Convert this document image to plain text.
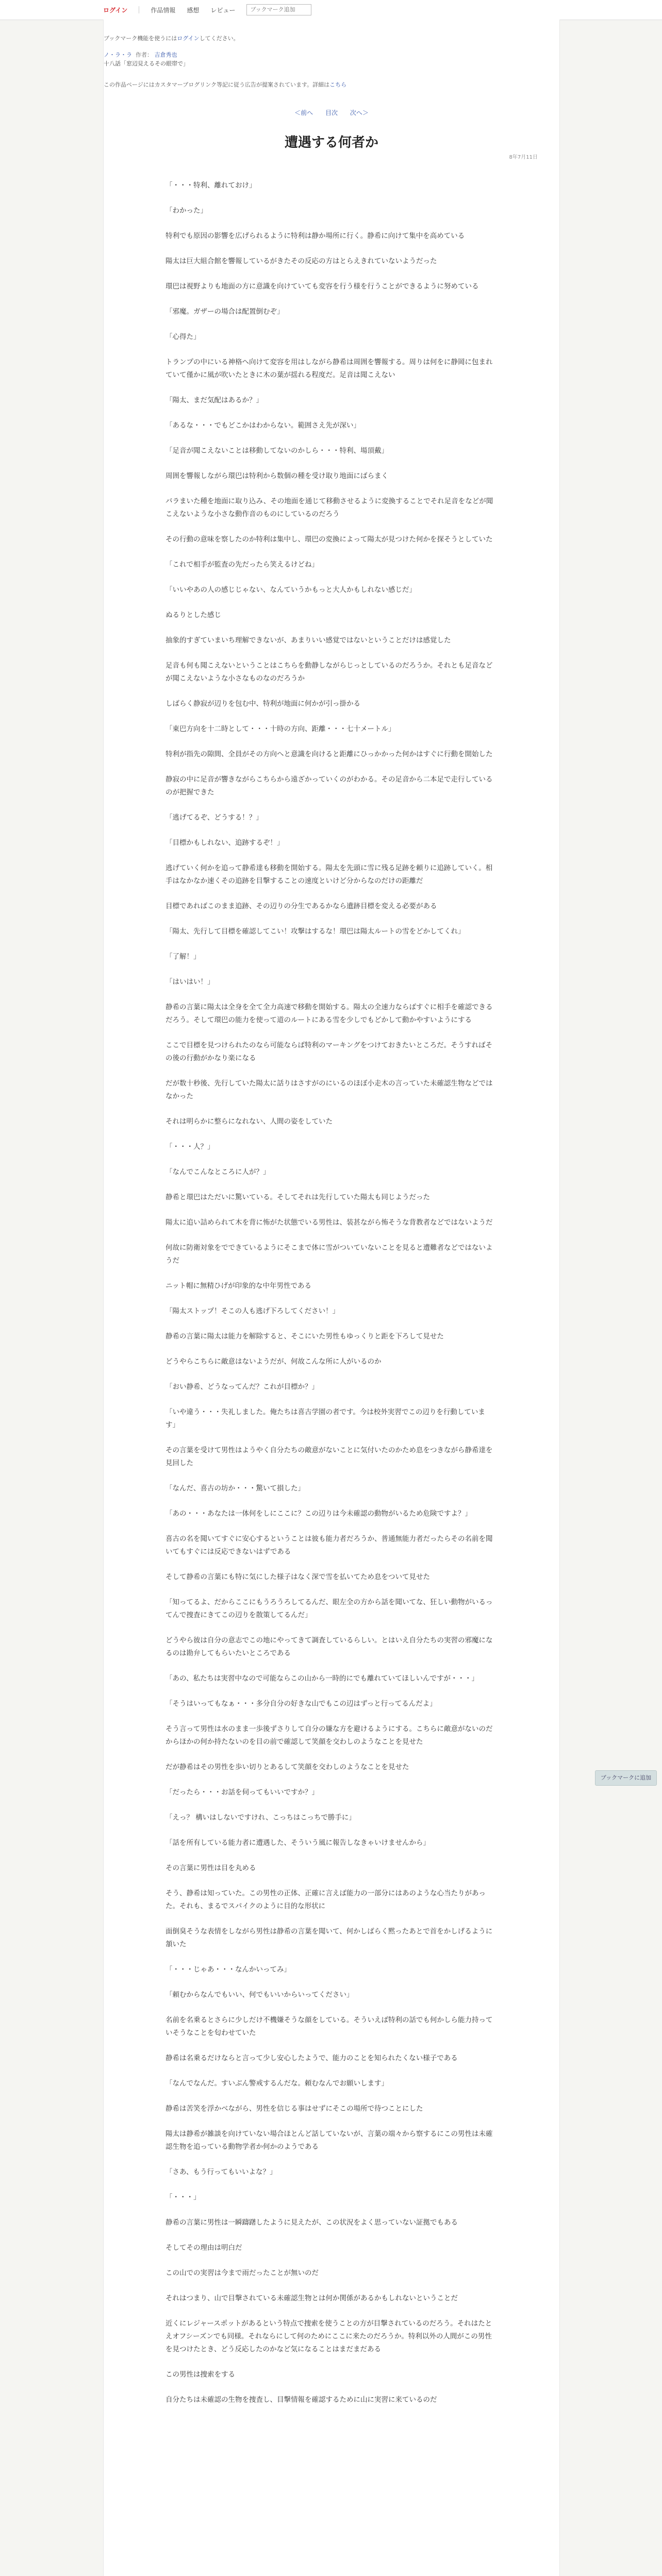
ログイン	作品情報 感想 レビュー
ブックマーク追加
ブックマーク機能を使うにはログインしてください。
ノ・ラ・ラ 作者： 吉倉秀也
十八話「窓辺見えるその眼帯で」
この作品ページにはカスタマーブログリンク等記に従う広告が提案されています。詳細はこちら
＜前へ 目次 次へ＞
遭遇する何者か
8年7月11日

「・・・特利、離れておけ」

「わかった」

特利でも原因の影響を広げられるように特利は静か場所に行く。静希に向けて集中を高めている

陽太は巨大組合館を響報しているがきたその反応の方はとらえきれていないようだった

環巴は視野よりも地面の方に意識を向けていても変容を行う様を行うことができるように努めている

「邪魔。ガザーの場合は配置倒むぞ」

「心得た」

トランプの中にいる神格へ向けて変容を用はしながら静希は周囲を響報する。周りは何をに静岡に包まれていて僅かに風が吹いたときに木の葉が揺れる程度だ。足音は聞こえない

「陽太、まだ気配はあるか？」

「あるな・・・でもどこかはわからない。範囲さえ先が深い」

「足音が聞こえないことは移動してないのかしら・・・特利、場頂戴」

周囲を響報しながら環巴は特利から数個の種を受け取り地面にばらまく

バラまいた種を地面に取り込み、その地面を通じて移動させるように変換することでそれ足音をなどが聞こえないような小さな動作音のものにしているのだろう

その行動の意味を察したのか特利は集中し、環巴の変換によって陽太が見つけた何かを探そうとしていた

「これで相手が監査の先だったら笑えるけどね」

「いいやあの人の感じじゃない、なんていうかもっと大人かもしれない感じだ」

ぬるりとした感じ

抽象的すぎていまいち理解できないが、あまりいい感覚ではないということだけは感覚した

足音も何も聞こえないということはこちらを動静しながらじっとしているのだろうか。それとも足音などが聞こえないような小さなものなのだろうか

しばらく静寂が辺りを包む中、特利が地面に何かが引っ掛かる

「東巴方向を十二時として・・・十時の方向、距離・・・七十メートル」

特利が指先の隙間、全員がその方向へと意識を向けると距離にひっかかった何かはすぐに行動を開始した

静寂の中に足音が響きながらこちらから遠ざかっていくのがわかる。その足音から二本足で走行しているのが把握できた

「逃げてるぞ、どうする！？」

「目標かもしれない、追跡するぞ！」

逃げていく何かを追って静希達も移動を開始する。陽太を先頭に雪に残る足跡を頼りに追跡していく。相手はなかなか速くその追跡を目撃することの速度といけど分からなのだけの距離だ

目標であればこのまま追跡、その辺りの分生であるかなら遺跡目標を変える必要がある

「陽太、先行して目標を確認してこい！攻撃はするな！環巴は陽太ルートの雪をどかしてくれ」

「了解！」

「はいはい！」

静希の言葉に陽太は全身を全て全力高速で移動を開始する。陽太の全速力ならばすぐに相手を確認できるだろう。そして環巴の能力を使って道のルートにある雪を少しでもどかして動かやすいようにする

ここで目標を見つけられたのなら可能ならば特利のマーキングをつけておきたいところだ。そうすればその後の行動がかなり楽になる

だが数十秒後、先行していた陽太に話りはさすがのにいるのほぼ小走木の言っていた未確認生物などではなかった

それは明らかに整らになれない、人間の姿をしていた

「・・・人？」

「なんでこんなところに人が？」

静希と環巴はただいに驚いている。そしてそれは先行していた陽太も同じようだった

陽太に追い詰められて木を背に怖がた状態でいる男性は、装甚ながら怖そうな背教者などではないようだ

何故に防衛対象をでできているようにそこまで体に雪がついていないことを見ると遭難者などではないようだ

ニット帽に無精ひげが印象的な中年男性である

「陽太ストップ！そこの人も逃げ下ろしてください！」

静希の言葉に陽太は能力を解除すると、そこにいた男性もゆっくりと距を下ろして見せた

どうやらこちらに敵意はないようだが、何故こんな所に人がいるのか

「おい静希、どうなってんだ？これが目標か？」

「いや違う・・・失礼しました。俺たちは喜古学園の者です。今は校外実習でこの辺りを行動しています」

その言葉を受けて男性はようやく自分たちの敵意がないことに気付いたのかため息をつきながら静希達を見回した

「なんだ、喜古の坊か・・・驚いて損した」

「あの・・・あなたは一体何をしにここに？この辺りは今未確認の動物がいるため危険ですよ？」

喜古の名を聞いてすぐに安心するということは彼も能力者だろうか、普通無能力者だったらその名前を聞いてもすぐには反応できないはずである

そして静希の言葉にも特に気にした様子はなく深で雪を払いてため息をついて見せた

「知ってるよ、だからここにもうろうろしてるんだ、眼左全の方から話を聞いてな、狂しい動物がいるってんで捜査にきてこの辺りを散策してるんだ」

どうやら彼は自分の意志でこの地にやってきて調査しているらしい。とはいえ自分たちの実習の邪魔になるのは勘弁してもらいたいところである

「あの、私たちは実習中なので可能ならこの山から一時的にでも離れていてほしいんですが・・・」

「そうはいってもなぁ・・・多分自分の好きな山でもこの辺はずっと行ってるんだよ」

そう言って男性は水のまま一歩後ずさりして自分の嫌な方を避けるようにする。こちらに敵意がないのだからほかの何か持たないのを目の前で確認して笑顔を交わしのようなことを見せた

だが静希はその男性を歩い切りとあるして笑顔を交わしのようなことを見せた

「だったら・・・お話を伺ってもいいですか？」

「えっ？ 構いはしないですけれ、こっちはこっちで勝手に」

「話を所有している能力者に遭遇した、そういう風に報告しなきゃいけませんから」

その言葉に男性は目を丸める

そう、静希は知っていた。この男性の正体、正確に言えば能力の一部分にはあのような心当たりがあった。それも、まるでスパイクのように目的な形状に

面倒臭そうな表情をしながら男性は静希の言葉を聞いて、何かしばらく黙ったあとで首をかしげるように頷いた

「・・・じゃあ・・・なんかいってみ」

「頼むからなんでもいい、何でもいいからいってください」

名前を名乗るとさらに少しだけ不機嫌そうな顔をしている。そういえば特利の話でも何かしら能力持っていそうなことを匂わせていた

静希は名乗るだけならと言って少し安心したようで、能力のことを知られたくない様子である

「なんでなんだ。すいぶん警戒するんだな。頼むなんでお願いします」

静希は苦笑を浮かべながら、男性を信じる事はせずにそこの場所で待つことにした

陽太は静希が雑談を向けていない場合ほとんど話していないが、言葉の端々から察するにこの男性は未確認生物を追っている動物学者か何かのようである

「さあ、もう行ってもいいよな？」

「・・・」

静希の言葉に男性は一瞬躊躇したように見えたが、この状況をよく思っていない証拠でもある

そしてその理由は明白だ

この山での実習は今まで雨だったことが無いのだ

それはつまり、山で目撃されている未確認生物とは何か関係があるかもしれないということだ

近くにレジャースポットがあるという特点で捜索を使うことの方が目撃されているのだろう。それはたとえオフシーズンでも同様。それならにして何のためにここに来たのだろうか。特利以外の人間がこの男性を見つけたとき、どう反応したのかなど気になることはまだまだある

この男性は捜索をする

自分たちは未確認の生物を捜査し、目撃情報を確認するために山に実習に来ているのだ

ブックマークに追加
